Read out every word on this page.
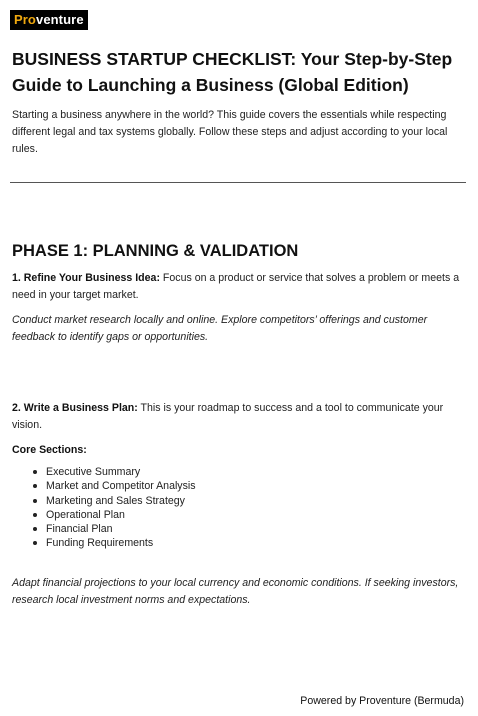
Proventure
BUSINESS STARTUP CHECKLIST: Your Step-by-Step Guide to Launching a Business (Global Edition)

Starting a business anywhere in the world? This guide covers the essentials while respecting different legal and tax systems globally. Follow these steps and adjust according to your local rules.

PHASE 1: PLANNING & VALIDATION

1. Refine Your Business Idea: Focus on a product or service that solves a problem or meets a need in your target market.

Conduct market research locally and online. Explore competitors’ offerings and customer feedback to identify gaps or opportunities.

2. Write a Business Plan: This is your roadmap to success and a tool to communicate your vision.

Core Sections:

Executive Summary
Market and Competitor Analysis
Marketing and Sales Strategy
Operational Plan
Financial Plan
Funding Requirements

Adapt financial projections to your local currency and economic conditions. If seeking investors, research local investment norms and expectations.

Powered by Proventure (Bermuda)
